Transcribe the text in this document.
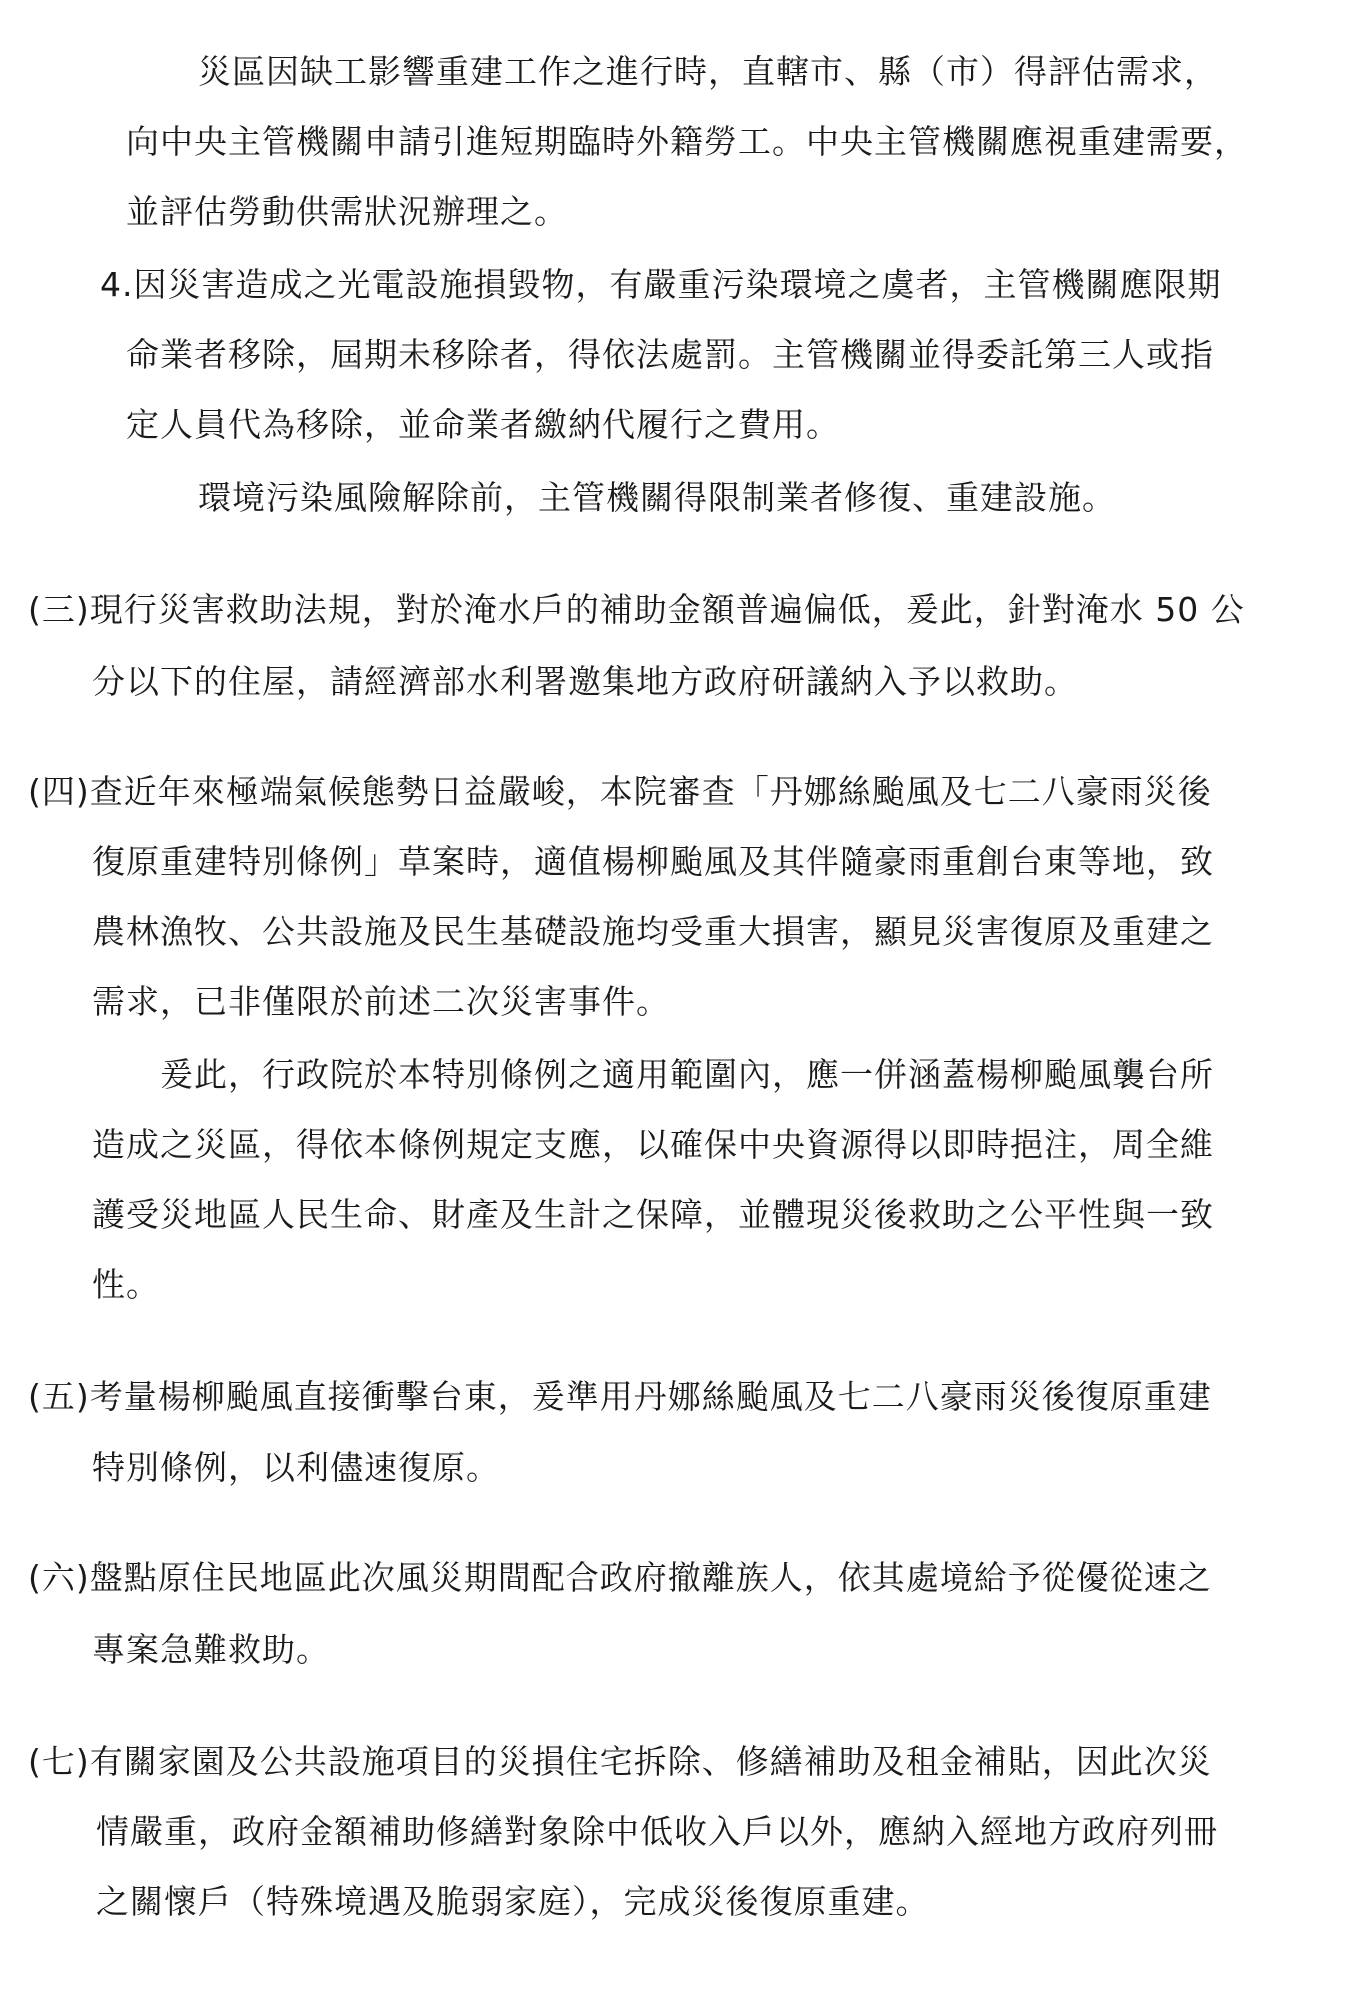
災區因缺工影響重建工作之進行時，直轄市、縣（市）得評估需求，
向中央主管機關申請引進短期臨時外籍勞工。中央主管機關應視重建需要，
並評估勞動供需狀況辦理之。
4.因災害造成之光電設施損毀物，有嚴重污染環境之虞者，主管機關應限期
命業者移除，屆期未移除者，得依法處罰。主管機關並得委託第三人或指
定人員代為移除，並命業者繳納代履行之費用。
環境污染風險解除前，主管機關得限制業者修復、重建設施。
(三)現行災害救助法規，對於淹水戶的補助金額普遍偏低，爰此，針對淹水 50 公
分以下的住屋，請經濟部水利署邀集地方政府研議納入予以救助。
(四)查近年來極端氣候態勢日益嚴峻，本院審查「丹娜絲颱風及七二八豪雨災後
復原重建特別條例」草案時，適值楊柳颱風及其伴隨豪雨重創台東等地，致
農林漁牧、公共設施及民生基礎設施均受重大損害，顯見災害復原及重建之
需求，已非僅限於前述二次災害事件。
爰此，行政院於本特別條例之適用範圍內，應一併涵蓋楊柳颱風襲台所
造成之災區，得依本條例規定支應，以確保中央資源得以即時挹注，周全維
護受災地區人民生命、財產及生計之保障，並體現災後救助之公平性與一致
性。
(五)考量楊柳颱風直接衝擊台東，爰準用丹娜絲颱風及七二八豪雨災後復原重建
特別條例，以利儘速復原。
(六)盤點原住民地區此次風災期間配合政府撤離族人，依其處境給予從優從速之
專案急難救助。
(七)有關家園及公共設施項目的災損住宅拆除、修繕補助及租金補貼，因此次災
情嚴重，政府金額補助修繕對象除中低收入戶以外，應納入經地方政府列冊
之關懷戶（特殊境遇及脆弱家庭），完成災後復原重建。
